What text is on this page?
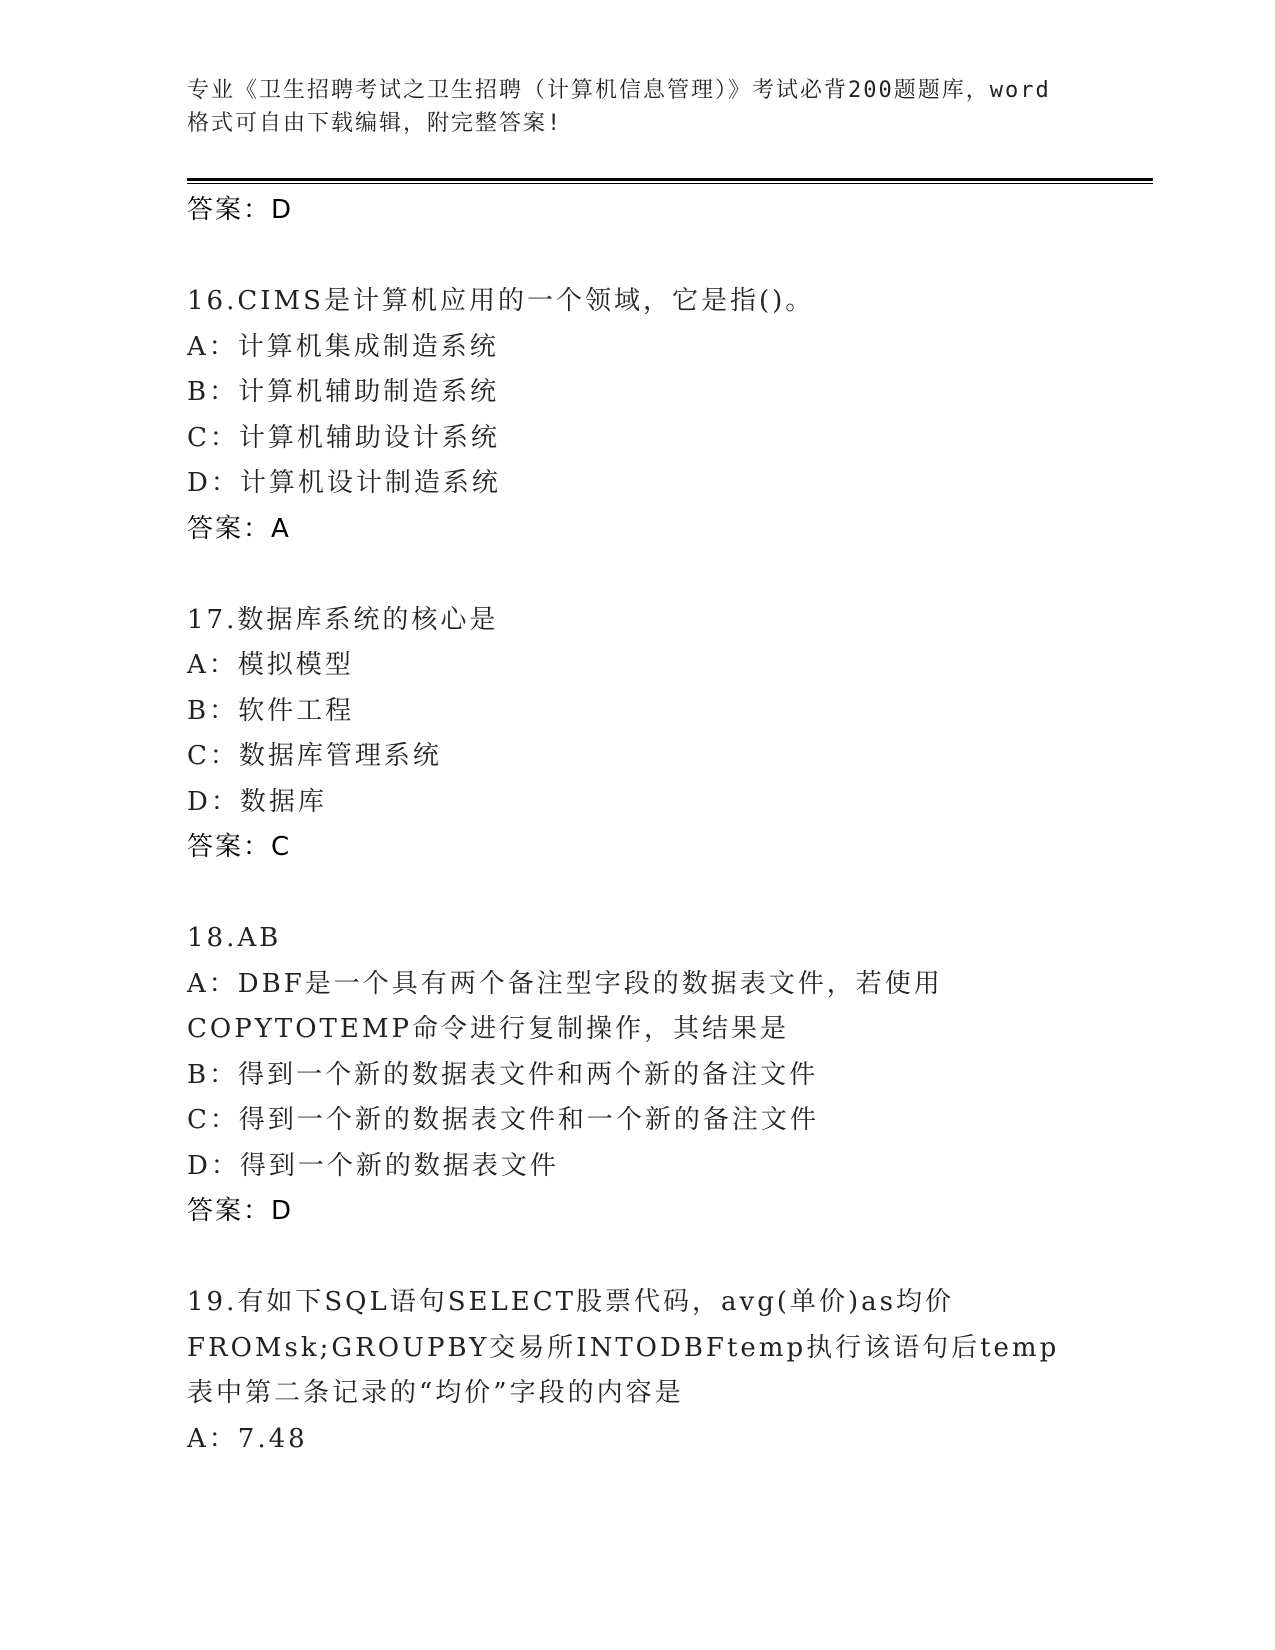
专业《卫生招聘考试之卫生招聘（计算机信息管理）》考试必背200题题库，word
格式可自由下载编辑，附完整答案!
答案：D
16.CIMS是计算机应用的一个领域，它是指()。
A：计算机集成制造系统
B：计算机辅助制造系统
C：计算机辅助设计系统
D：计算机设计制造系统
答案：A
17.数据库系统的核心是
A：模拟模型
B：软件工程
C：数据库管理系统
D：数据库
答案：C
18.AB
A：DBF是一个具有两个备注型字段的数据表文件，若使用COPYTOTEMP命令进行复制操作，其结果是
B：得到一个新的数据表文件和两个新的备注文件
C：得到一个新的数据表文件和一个新的备注文件
D：得到一个新的数据表文件
答案：D
19.有如下SQL语句SELECT股票代码，avg(单价)as均价FROMsk;GROUPBY交易所INTODBFtemp执行该语句后temp表中第二条记录的“均价”字段的内容是
A：7.48
